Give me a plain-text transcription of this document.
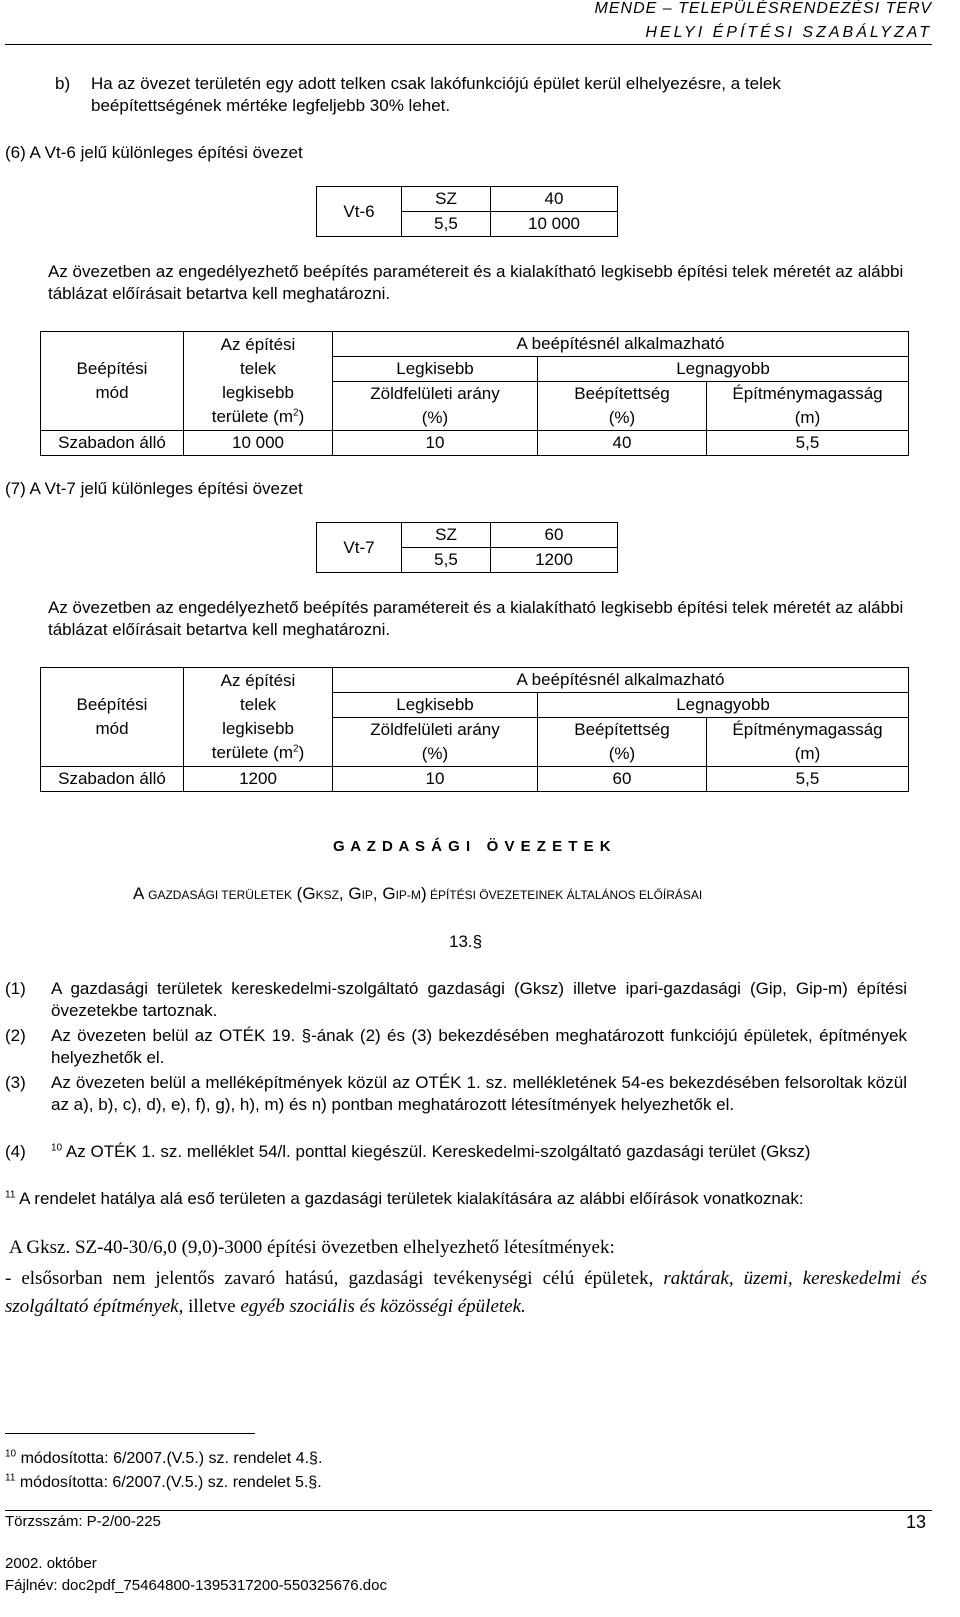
MENDE – TELEPÜLÉSRENDEZÉSI TERV
HELYI ÉPÍTÉSI SZABÁLYZAT
b) Ha az övezet területén egy adott telken csak lakófunkciójú épület kerül elhelyezésre, a telek beépítettségének mértéke legfeljebb 30% lehet.
(6) A Vt-6 jelű különleges építési övezet
Vt-6	SZ	40
	5,5	10 000
Az övezetben az engedélyezhető beépítés paramétereit és a kialakítható legkisebb építési telek méretét az alábbi táblázat előírásait betartva kell meghatározni.
Beépítési
mód	Az építési
telek
legkisebb
területe $(m^2)$	A beépítésnél alkalmazható		
		Legkisebb	Legnagyobb	
		Zöldfelületi arány	Beépítettség	Építménymagasság
		(%)	(%)	(m)
Szabadon álló	10 000	10	40	5,5
(7) A Vt-7 jelű különleges építési övezet
Vt-7	SZ	60
	5,5	1200
Az övezetben az engedélyezhető beépítés paramétereit és a kialakítható legkisebb építési telek méretét az alábbi táblázat előírásait betartva kell meghatározni.
Beépítési
mód	Az építési
telek
legkisebb
területe $(m^2)$	A beépítésnél alkalmazható		
		Legkisebb	Legnagyobb	
		Zöldfelületi arány	Beépítettség	Építménymagasság
		(%)	(%)	(m)
Szabadon álló	1200	10	60	5,5
G A Z D A S Á G I   Ö V E Z E T E K
A GAZDASÁGI TERÜLETEK (GKSZ, GIP, GIP-M) ÉPÍTÉSI ÖVEZETEINEK ÁLTALÁNOS ELŐÍRÁSAI
13.§
(1) A gazdasági területek kereskedelmi-szolgáltató gazdasági (Gksz) illetve ipari-gazdasági (Gip, Gip-m) építési övezetekbe tartoznak.
(2) Az övezeten belül az OTÉK 19. §-ának (2) és (3) bekezdésében meghatározott funkciójú épületek, építmények helyezhetők el.
(3) Az övezeten belül a melléképítmények közül az OTÉK 1. sz. mellékletének 54-es bekezdésében felsoroltak közül az a), b), c), d), e), f), g), h), m) és n) pontban meghatározott létesítmények helyezhetők el.
(4)	$^{10}$ Az OTÉK 1. sz. melléklet 54/l. ponttal kiegészül. Kereskedelmi-szolgáltató gazdasági terület (Gksz)
$^{11}$ A rendelet hatálya alá eső területen a gazdasági területek kialakítására az alábbi előírások vonatkoznak:
A Gksz. SZ-40-30/6,0 (9,0)-3000 építési övezetben elhelyezhető létesítmények:
- elsősorban nem jelentős zavaró hatású, gazdasági tevékenységi célú épületek, raktárak, üzemi, kereskedelmi és szolgáltató építmények, illetve egyéb szociális és közösségi épületek.
$^{10}$ módosította: 6/2007.(V.5.) sz. rendelet 4.§.
$^{11}$ módosította: 6/2007.(V.5.) sz. rendelet 5.§.
Törzsszám: P-2/00-225
2002. október
Fájlnév: doc2pdf_75464800-1395317200-550325676.doc
13
